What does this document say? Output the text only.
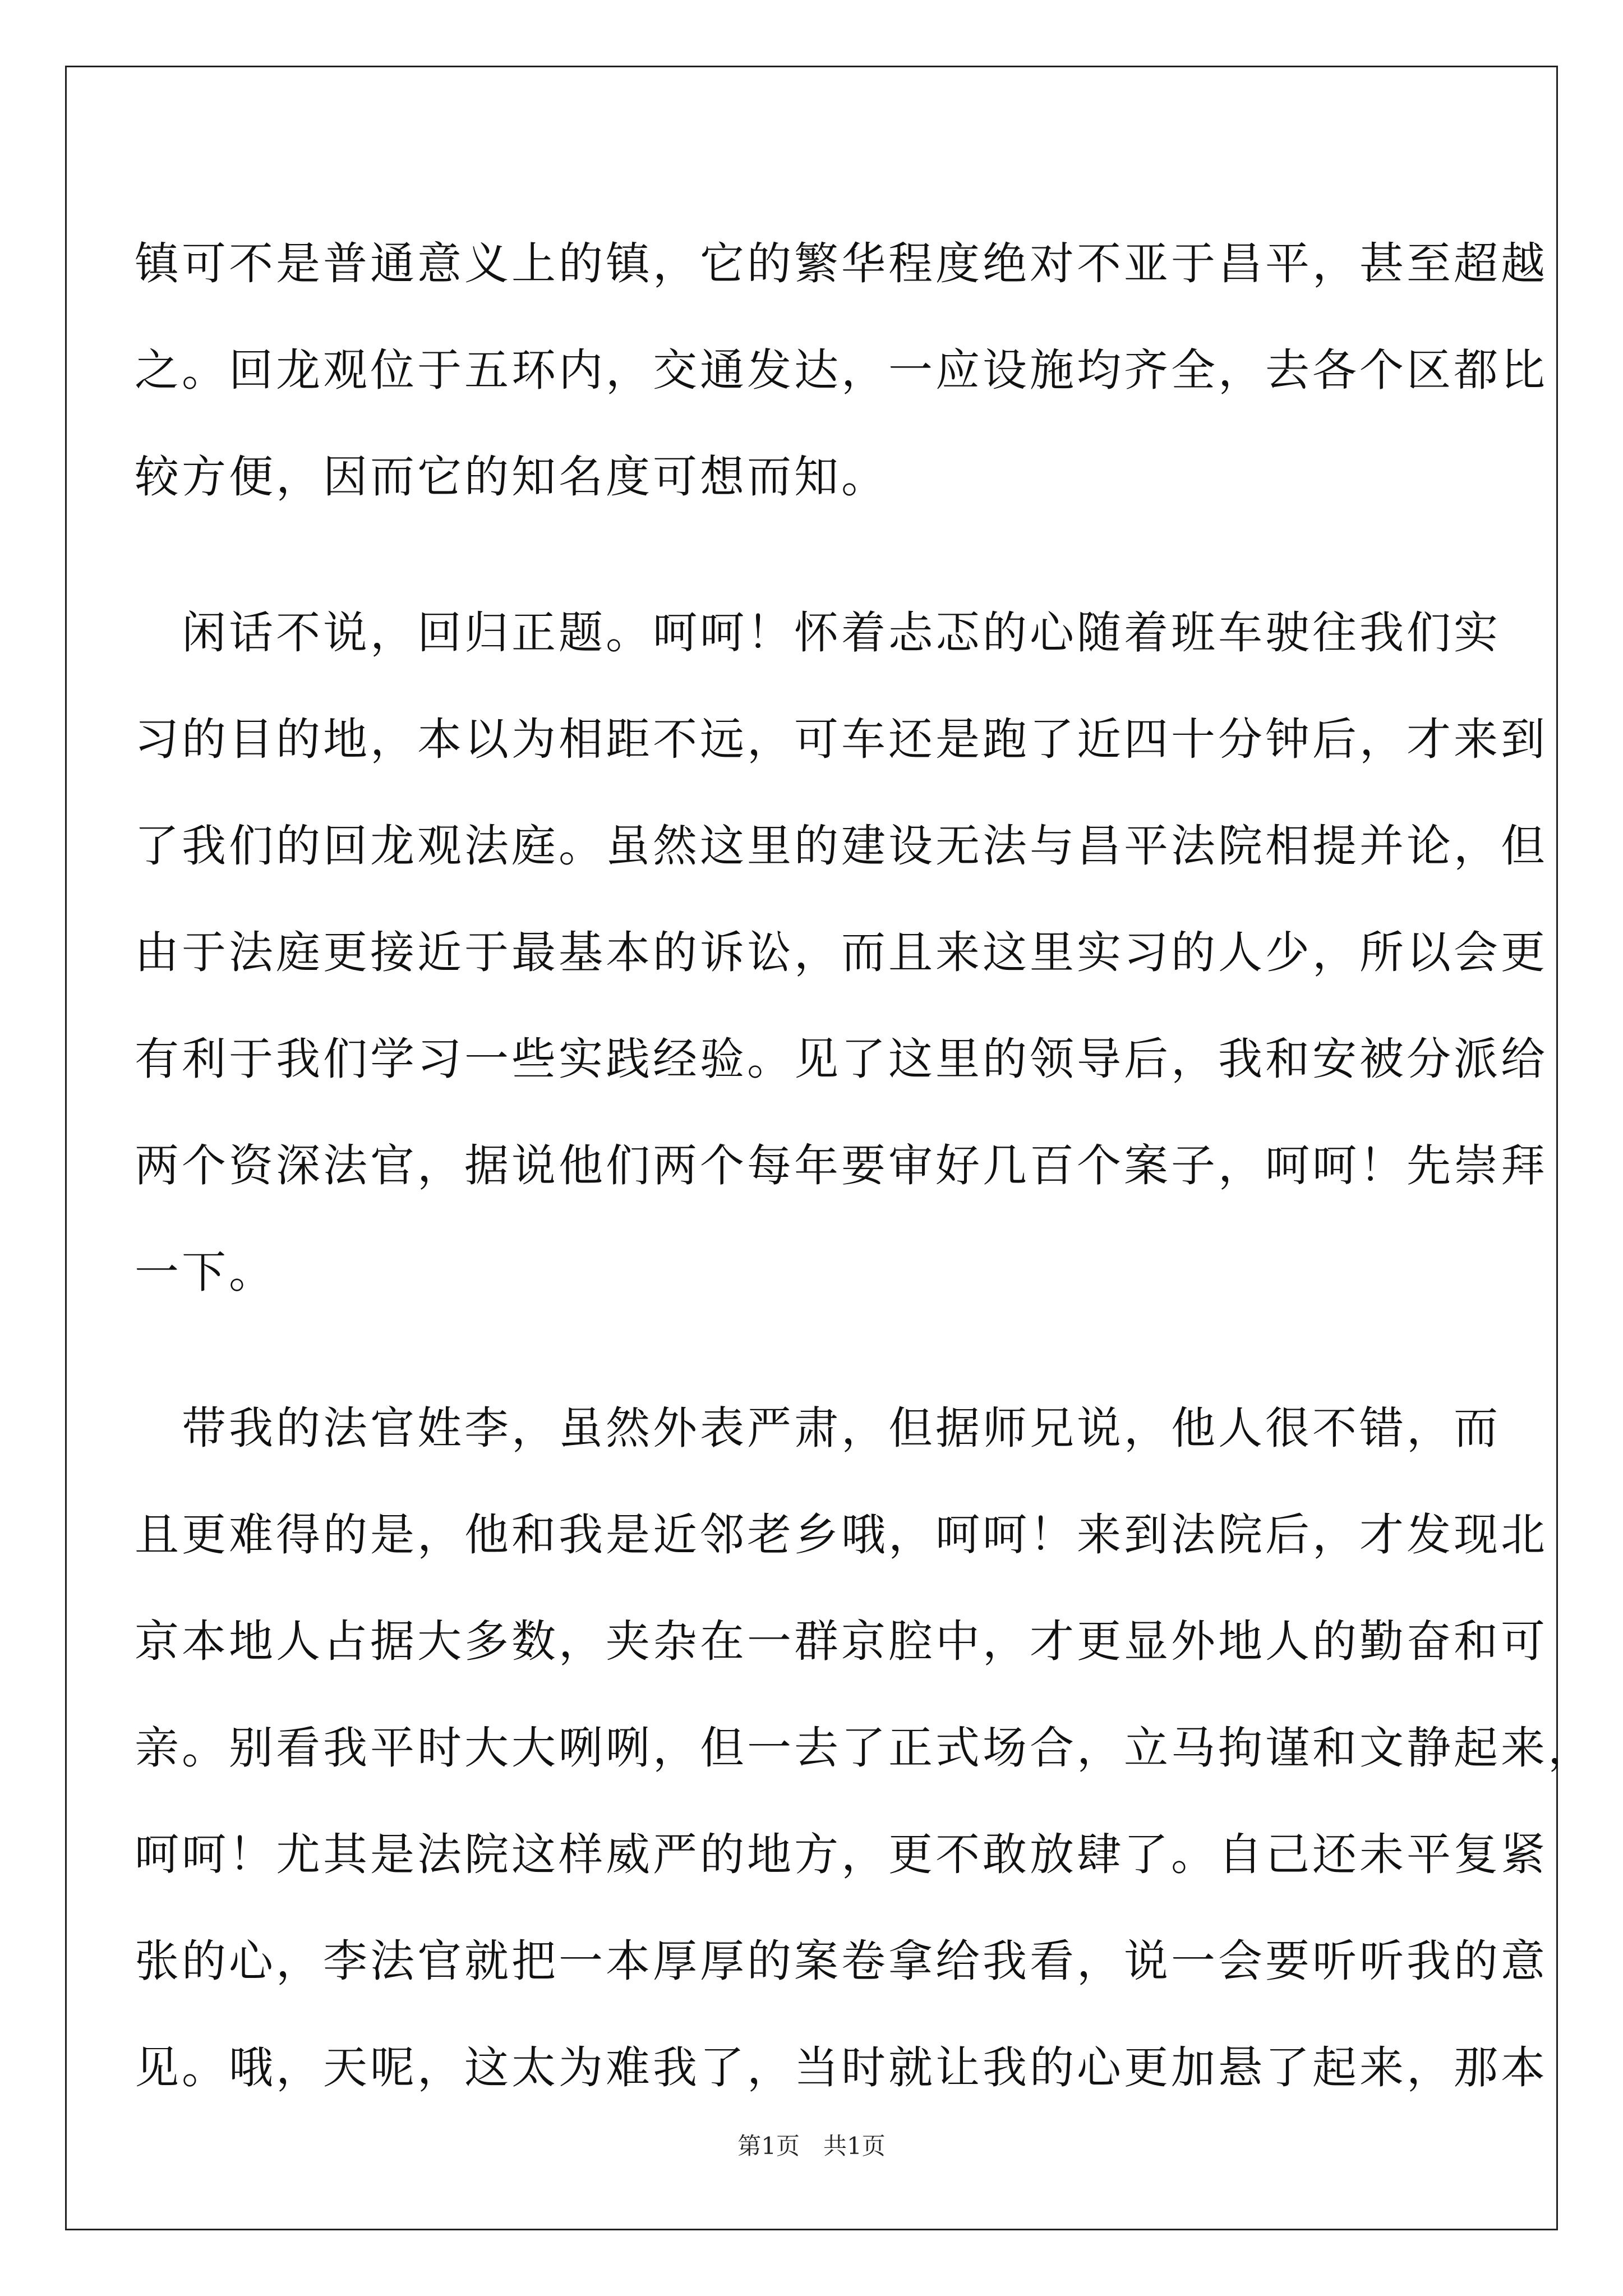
镇可不是普通意义上的镇，它的繁华程度绝对不亚于昌平，甚至超越
之。回龙观位于五环内，交通发达，一应设施均齐全，去各个区都比
较方便，因而它的知名度可想而知。
　闲话不说，回归正题。呵呵！怀着忐忑的心随着班车驶往我们实
习的目的地，本以为相距不远，可车还是跑了近四十分钟后，才来到
了我们的回龙观法庭。虽然这里的建设无法与昌平法院相提并论，但
由于法庭更接近于最基本的诉讼，而且来这里实习的人少，所以会更
有利于我们学习一些实践经验。见了这里的领导后，我和安被分派给
两个资深法官，据说他们两个每年要审好几百个案子，呵呵！先崇拜
一下。
　带我的法官姓李，虽然外表严肃，但据师兄说，他人很不错，而
且更难得的是，他和我是近邻老乡哦，呵呵！来到法院后，才发现北
京本地人占据大多数，夹杂在一群京腔中，才更显外地人的勤奋和可
亲。别看我平时大大咧咧，但一去了正式场合，立马拘谨和文静起来，
呵呵！尤其是法院这样威严的地方，更不敢放肆了。自己还未平复紧
张的心，李法官就把一本厚厚的案卷拿给我看，说一会要听听我的意
见。哦，天呢，这太为难我了，当时就让我的心更加悬了起来，那本
第1页　共1页
